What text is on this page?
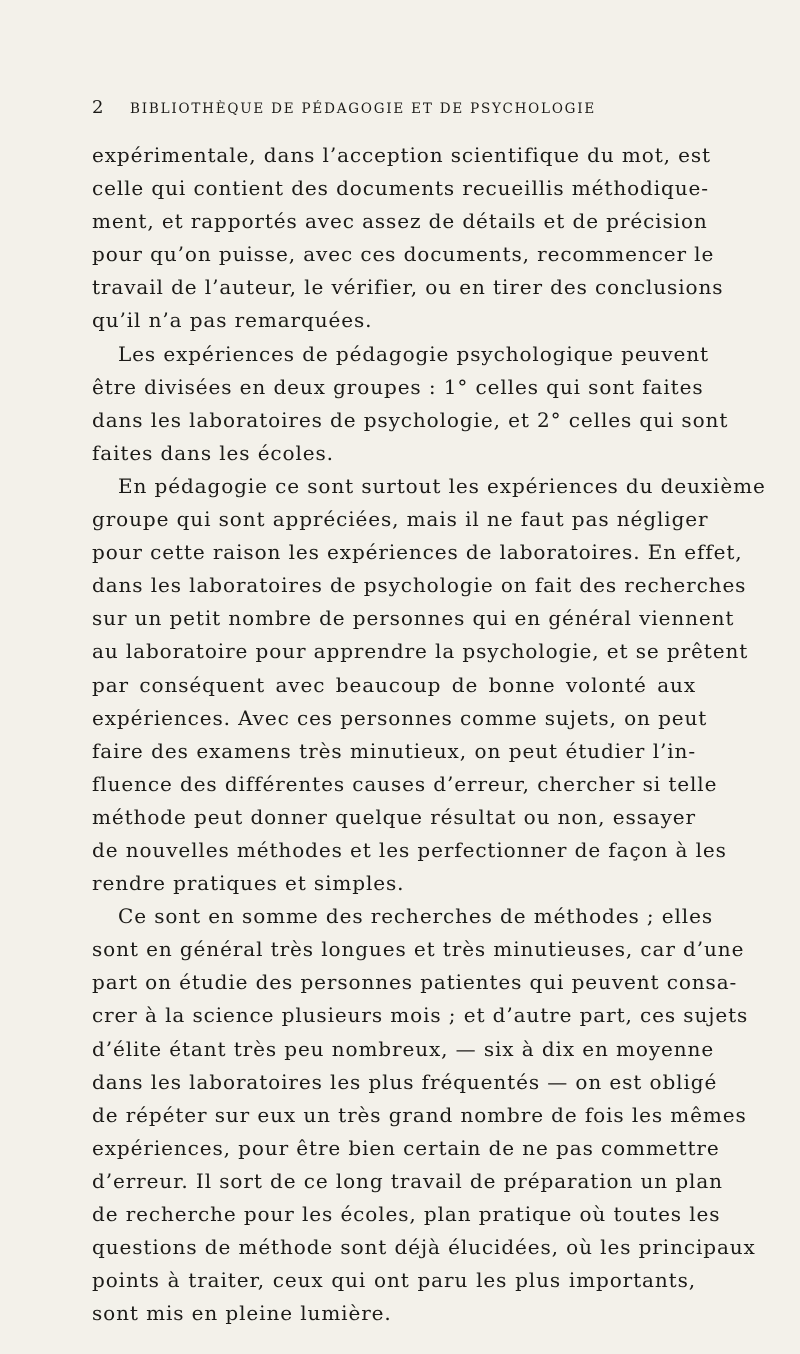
2 BIBLIOTHÈQUE DE PÉDAGOGIE ET DE PSYCHOLOGIE
expérimentale, dans l’acception scientifique du mot, est
celle qui contient des documents recueillis méthodique-
ment, et rapportés avec assez de détails et de précision
pour qu’on puisse, avec ces documents, recommencer le
travail de l’auteur, le vérifier, ou en tirer des conclusions
qu’il n’a pas remarquées.
Les expériences de pédagogie psychologique peuvent
être divisées en deux groupes : 1° celles qui sont faites
dans les laboratoires de psychologie, et 2° celles qui sont
faites dans les écoles.
En pédagogie ce sont surtout les expériences du deuxième
groupe qui sont appréciées, mais il ne faut pas négliger
pour cette raison les expériences de laboratoires. En effet,
dans les laboratoires de psychologie on fait des recherches
sur un petit nombre de personnes qui en général viennent
au laboratoire pour apprendre la psychologie, et se prêtent
par conséquent avec beaucoup de bonne volonté aux
expériences. Avec ces personnes comme sujets, on peut
faire des examens très minutieux, on peut étudier l’in-
fluence des différentes causes d’erreur, chercher si telle
méthode peut donner quelque résultat ou non, essayer
de nouvelles méthodes et les perfectionner de façon à les
rendre pratiques et simples.
Ce sont en somme des recherches de méthodes ; elles
sont en général très longues et très minutieuses, car d’une
part on étudie des personnes patientes qui peuvent consa-
crer à la science plusieurs mois ; et d’autre part, ces sujets
d’élite étant très peu nombreux, — six à dix en moyenne
dans les laboratoires les plus fréquentés — on est obligé
de répéter sur eux un très grand nombre de fois les mêmes
expériences, pour être bien certain de ne pas commettre
d’erreur. Il sort de ce long travail de préparation un plan
de recherche pour les écoles, plan pratique où toutes les
questions de méthode sont déjà élucidées, où les principaux
points à traiter, ceux qui ont paru les plus importants,
sont mis en pleine lumière.
